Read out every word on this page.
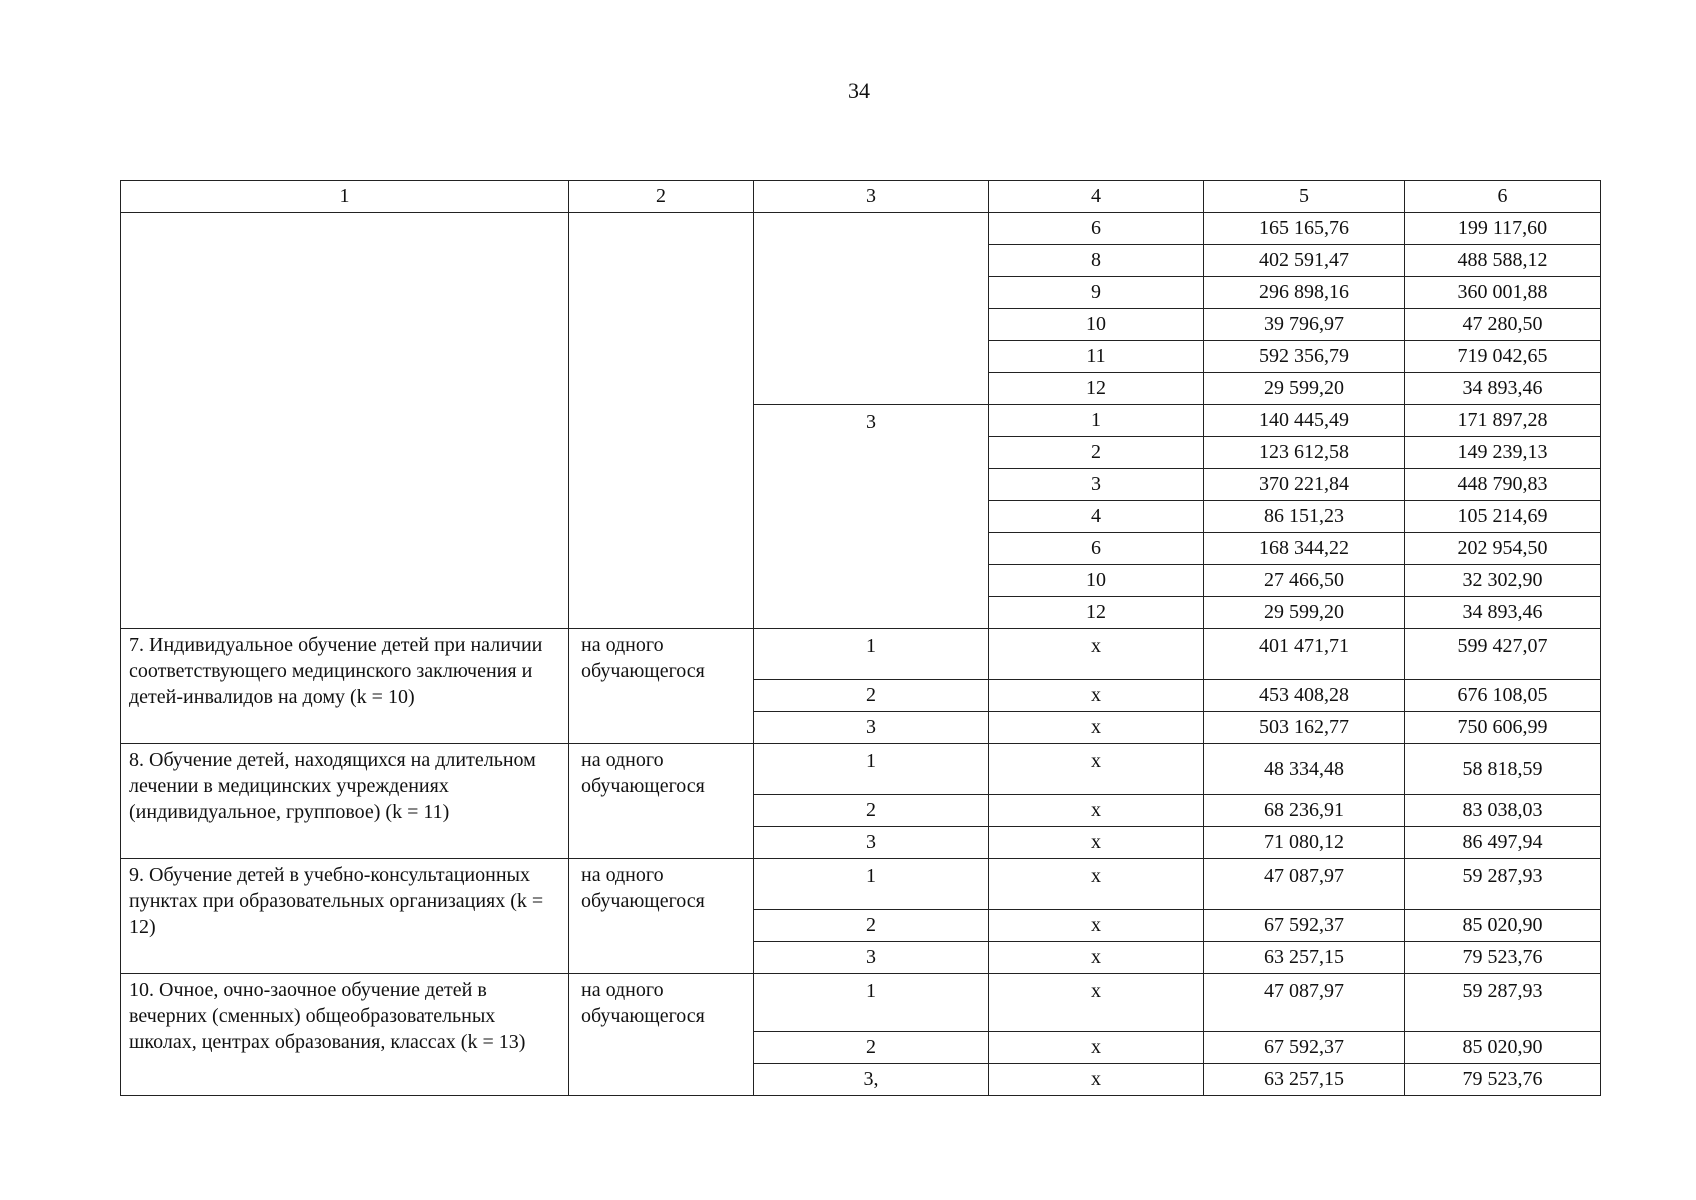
34
1	2	3	4	5	6
			6	165 165,76	199 117,60
			8	402 591,47	488 588,12
			9	296 898,16	360 001,88
			10	39 796,97	47 280,50
			11	592 356,79	719 042,65
			12	29 599,20	34 893,46
		3	1	140 445,49	171 897,28
			2	123 612,58	149 239,13
			3	370 221,84	448 790,83
			4	86 151,23	105 214,69
			6	168 344,22	202 954,50
			10	27 466,50	32 302,90
			12	29 599,20	34 893,46
7. Индивидуальное обучение детей при наличии соответствующего медицинского заключения и детей-инвалидов на дому (k = 10)	на одного обучающегося	1	х	401 471,71	599 427,07
		2	х	453 408,28	676 108,05
		3	х	503 162,77	750 606,99
8. Обучение детей, находящихся на длительном лечении в медицинских учреждениях (индивидуальное, групповое) (k = 11)	на одного обучающегося	1	х	48 334,48	58 818,59
		2	х	68 236,91	83 038,03
		3	х	71 080,12	86 497,94
9. Обучение детей в учебно-консультационных пунктах при образовательных организациях (k = 12)	на одного обучающегося	1	х	47 087,97	59 287,93
		2	х	67 592,37	85 020,90
		3	х	63 257,15	79 523,76
10. Очное, очно-заочное обучение детей в вечерних (сменных) общеобразовательных школах, центрах образования, классах (k = 13)	на одного обучающегося	1	х	47 087,97	59 287,93
		2	х	67 592,37	85 020,90
		3,	х	63 257,15	79 523,76
